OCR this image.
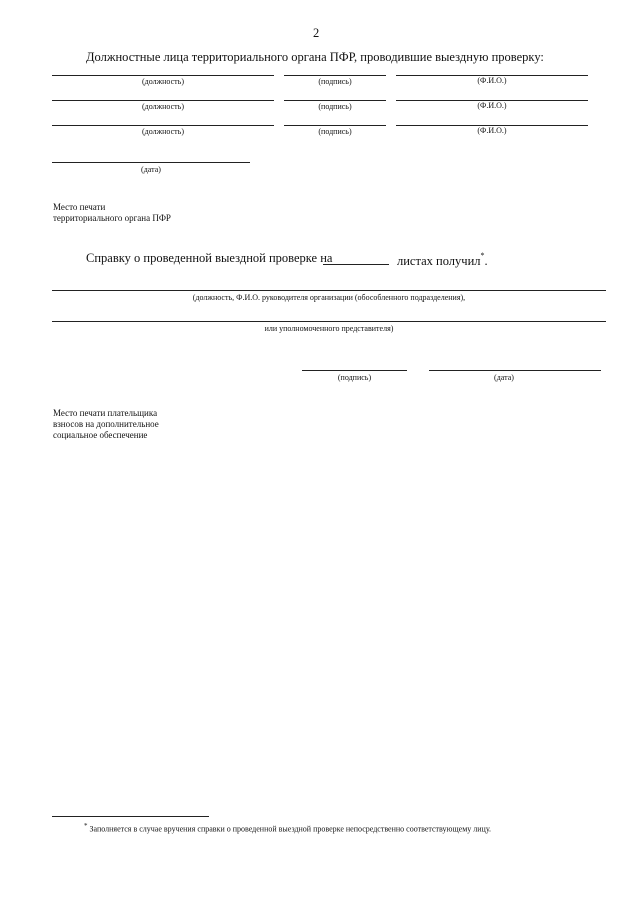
2
Должностные лица территориального органа ПФР, проводившие выездную проверку:
(должность)	(подпись)	(Ф.И.О.)
(должность)	(подпись)	(Ф.И.О.)
(должность)	(подпись)	(Ф.И.О.)
(дата)
Место печати
территориального органа ПФР
Справку о проведенной выездной проверке на	листах получил*.
(должность, Ф.И.О. руководителя организации (обособленного подразделения),
или уполномоченного представителя)
(подпись)	(дата)
Место печати плательщика
взносов на дополнительное
социальное обеспечение
* Заполняется в случае вручения справки о проведенной выездной проверке непосредственно соответствующему лицу.
